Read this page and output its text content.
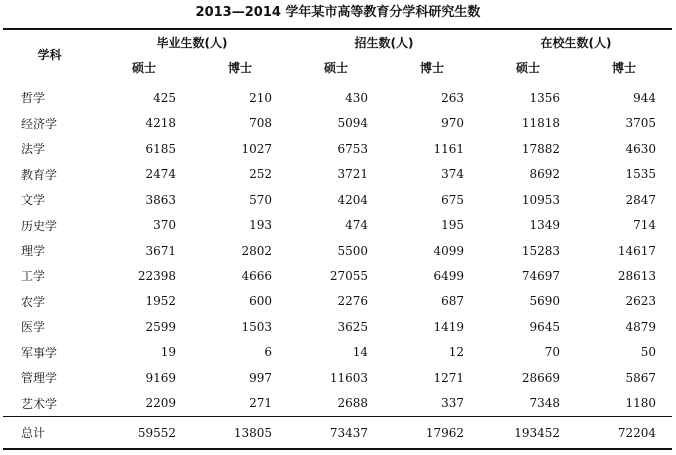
2013—2014 学年某市高等教育分学科研究生数
学科	毕业生数(人)		招生数(人)		在校生数(人)	
	硕士	博士	硕士	博士	硕士	博士
哲学	425	210	430	263	1356	944
经济学	4218	708	5094	970	11818	3705
法学	6185	1027	6753	1161	17882	4630
教育学	2474	252	3721	374	8692	1535
文学	3863	570	4204	675	10953	2847
历史学	370	193	474	195	1349	714
理学	3671	2802	5500	4099	15283	14617
工学	22398	4666	27055	6499	74697	28613
农学	1952	600	2276	687	5690	2623
医学	2599	1503	3625	1419	9645	4879
军事学	19	6	14	12	70	50
管理学	9169	997	11603	1271	28669	5867
艺术学	2209	271	2688	337	7348	1180
总计	59552	13805	73437	17962	193452	72204
